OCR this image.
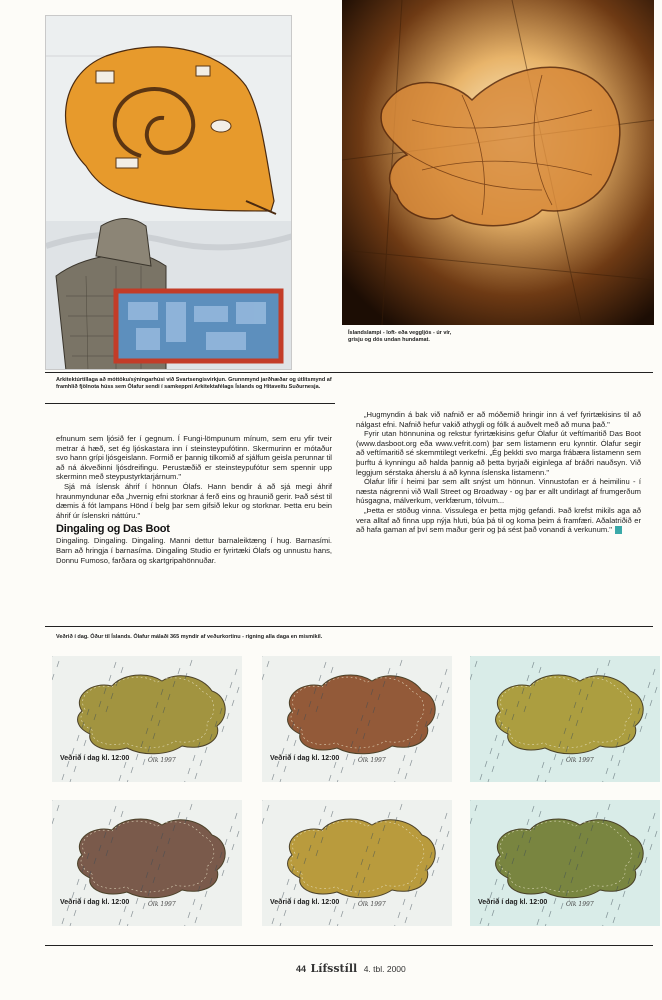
Íslandslampi - loft- eða veggljós - úr vír, grisju og dós undan hundamat.
Arkitektúrtillaga að móttöku/sýningarhúsi við Svartsengisvirkjun. Grunnmynd jarðhæðar og útlitsmynd af framhlið fjölnota húss sem Ólafur sendi í samkeppni Arkitektafélags Íslands og Hitaveitu Suðurnesja.

efnunum sem ljósið fer í gegnum. Í Fungi-lömpunum mínum, sem eru yfir tveir metrar á hæð, set ég ljóskastara inn í steinsteypufótinn. Skermurinn er mótaður svo hann grípi ljósgeislann. Formið er þannig tilkomið af sjálfum geisla perunnar til að ná ákveðinni ljósdreifingu. Perustæðið er steinsteypufótur sem spennir upp skerminn með steypustyrktarjárnum."

Sjá má íslensk áhrif í hönnun Ólafs. Hann bendir á að sjá megi áhrif hraunmyndunar eða „hvernig efni storknar á ferð eins og hraunið gerir. Það sést til dæmis á fót lampans Hönd í belg þar sem gifsið lekur og storknar. Þetta eru bein áhrif úr íslenskri náttúru."

Dingaling og Das Boot

Dingaling. Dingaling. Dingaling. Manni dettur barnaleiktæng í hug. Barnasími. Barn að hringja í barnasíma. Dingaling Studio er fyrirtæki Ólafs og unnustu hans, Donnu Fumoso, farðara og skartgripahönnuðar.

„Hugmyndin á bak við nafnið er að móðemið hringir inn á vef fyrirtækisins til að nálgast efni. Nafnið hefur vakið athygli og fólk á auðvelt með að muna það."

Fyrir utan hönnunina og rekstur fyrirtækisins gefur Ólafur út veftímaritið Das Boot (www.dasboot.org eða www.vefrit.com) þar sem listamenn eru kynntir. Ólafur segir að veftímaritið sé skemmtilegt verkefni. „Ég þekkti svo marga frábæra listamenn sem þurftu á kynningu að halda þannig að þetta byrjaði eiginlega af bráðri nauðsyn. Við leggjum sérstaka áherslu á að kynna íslenska listamenn."

Ólafur lifir í heimi þar sem allt snýst um hönnun. Vinnustofan er á heimilinu - í næsta nágrenni við Wall Street og Broadway - og þar er allt undirlagt af frumgerðum húsgagna, málverkum, verkfærum, tólvum...

„Þetta er stöðug vinna. Vissulega er þetta mjög gefandi. Það krefst mikils aga að vera alltaf að finna upp nýja hluti, búa þá til og koma þeim á framfæri. Aðalatriðið er að hafa gaman af því sem maður gerir og þá sést það vonandi á verkunum."

Veðrið í dag. Óður til Íslands. Ólafur málaði 365 myndir af veðurkortinu - rigning alla daga en mismikil.
Veðrið í dag kl. 12:00	Ólk 1997	Veðrið í dag kl. 12:00	Ólk 1997	Ólk 1997
Veðrið í dag kl. 12:00	Ólk 1997	Veðrið í dag kl. 12:00	Ólk 1997	Veðrið í dag kl. 12:00	Ólk 1997
44 Lífsstíll 4. tbl. 2000
